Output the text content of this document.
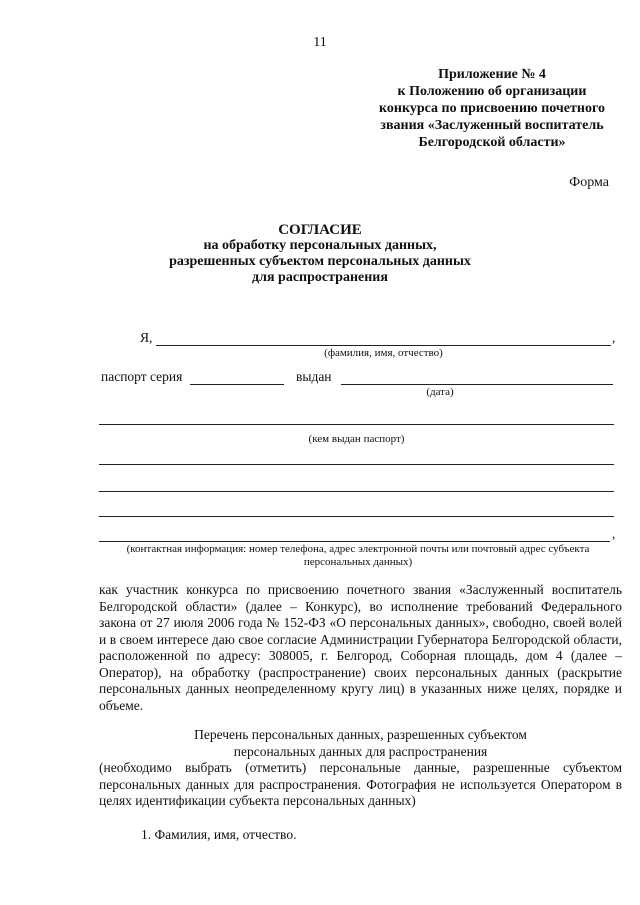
11
Приложение № 4
к Положению об организации
конкурса по присвоению почетного
звания «Заслуженный воспитатель
Белгородской области»
Форма
СОГЛАСИЕ
на обработку персональных данных,
разрешенных субъектом персональных данных
для распространения
Я,	,
(фамилия, имя, отчество)
паспорт серия	выдан
(дата)
(кем выдан паспорт)
,
(контактная информация: номер телефона, адрес электронной почты или почтовый адрес субъекта
персональных данных)
как участник конкурса по присвоению почетного звания «Заслуженный воспитатель Белгородской области» (далее – Конкурс), во исполнение требований Федерального закона от 27 июля 2006 года № 152-ФЗ «О персональных данных», свободно, своей волей и в своем интересе даю свое согласие Администрации Губернатора Белгородской области, расположенной по адресу: 308005, г. Белгород, Соборная площадь, дом 4 (далее – Оператор), на обработку (распространение) своих персональных данных (раскрытие персональных данных неопределенному кругу лиц) в указанных ниже целях, порядке и объеме.
Перечень персональных данных, разрешенных субъектом
персональных данных для распространения
(необходимо выбрать (отметить) персональные данные, разрешенные субъектом персональных данных для распространения. Фотография не используется Оператором в целях идентификации субъекта персональных данных)
1. Фамилия, имя, отчество.
